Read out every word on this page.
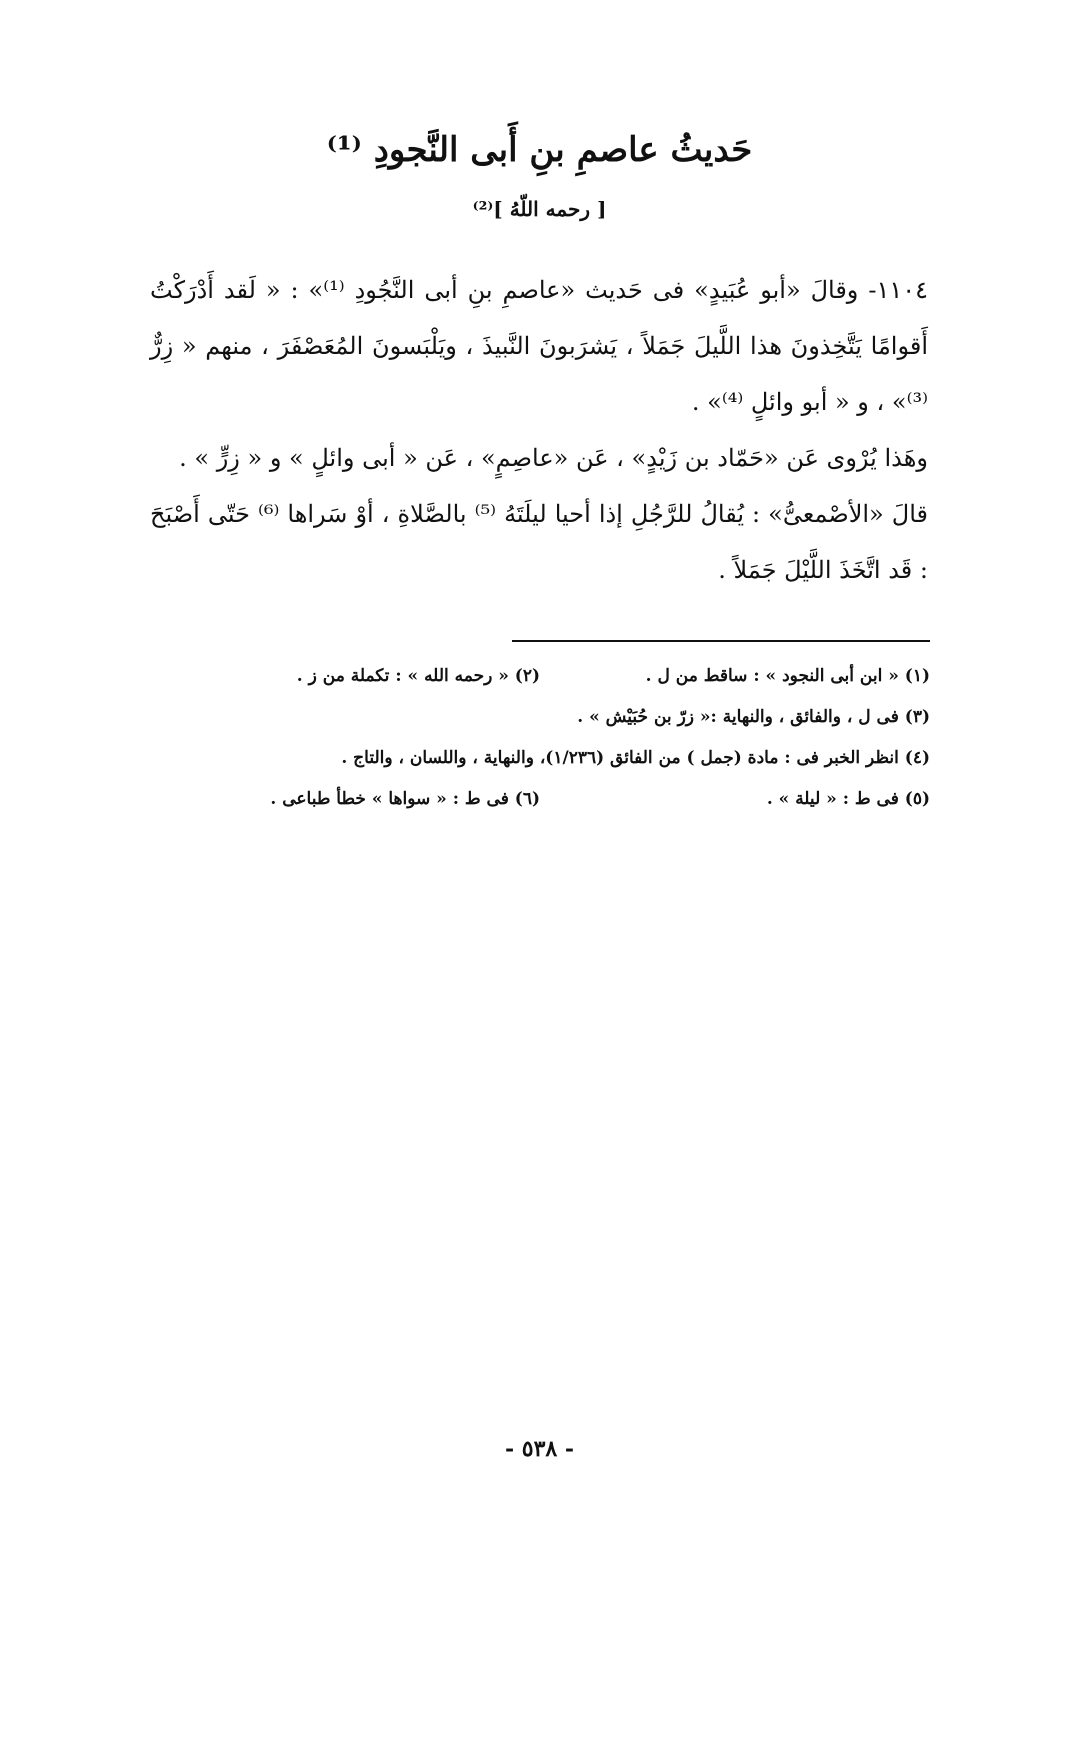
حَديثُ عاصمِ بنِ أَبى النَّجودِ ⁽¹⁾
[ رحمه اللّهُ ]⁽²⁾

١١٠٤- وقالَ «أبو عُبَيدٍ» فى حَديث «عاصمِ بنِ أبى النَّجُودِ ⁽¹⁾» : « لَقد أَدْرَكْتُ أَقوامًا يَتَّخِذونَ هذا اللَّيلَ جَمَلاً ، يَشرَبونَ النَّبيذَ ، ويَلْبَسونَ المُعَصْفَرَ ، منهم « زِرٌّ ⁽³⁾» ، و « أبو وائلٍ ⁽⁴⁾» .

وهَذا يُرْوى عَن «حَمّاد بن زَيْدٍ» ، عَن «عاصِمٍ» ، عَن « أبى وائلٍ » و « زِرٍّ » .

قالَ «الأصْمعىُّ» : يُقالُ للرَّجُلِ إذا أحيا ليلَتَهُ ⁽⁵⁾ بالصَّلاةِ ، أوْ سَراها ⁽⁶⁾ حَتّى أَصْبَحَ : قَد اتَّخَذَ اللَّيْلَ جَمَلاً .

(١) « ابن أبى النجود » : ساقط من ل .
(٢) « رحمه الله » : تكملة من ز .
(٣) فى ل ، والفائق ، والنهاية :« زرّ بن حُبَيْش » .
(٤) انظر الخبر فى : مادة (جمل ) من الفائق (١/٢٣٦)، والنهاية ، واللسان ، والتاج .
(٥) فى ط : « ليلة » .
(٦) فى ط : « سواها » خطأ طباعى .
- ٥٣٨ -
